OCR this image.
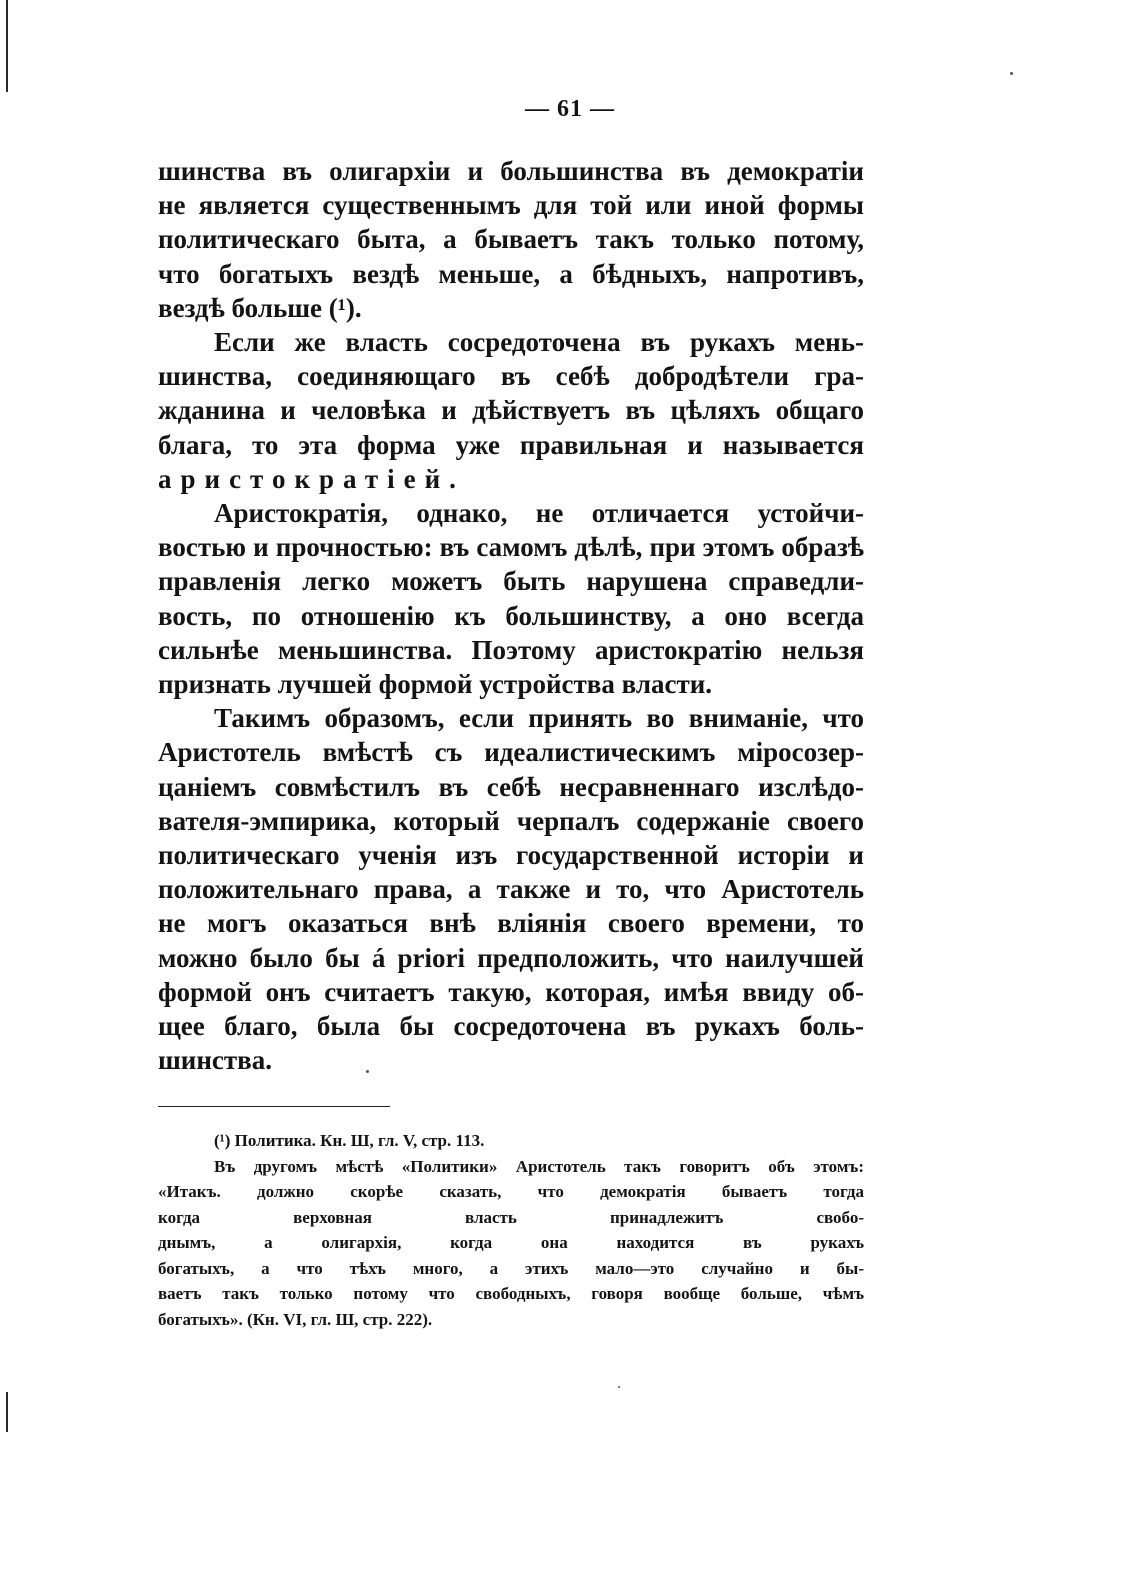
— 61 —
шинства въ олигархіи и большинства въ демократіи
не является существеннымъ для той или иной формы
политическаго быта, а бываетъ такъ только потому,
что богатыхъ вездѣ меньше, а бѣдныхъ, напротивъ,
вездѣ больше (¹).
Если же власть сосредоточена въ рукахъ мень-
шинства, соединяющаго въ себѣ добродѣтели гра-
жданина и человѣка и дѣйствуетъ въ цѣляхъ общаго
блага, то эта форма уже правильная и называется
аристократіей.
Аристократія, однако, не отличается устойчи-
востью и прочностью: въ самомъ дѣлѣ, при этомъ образѣ
правленія легко можетъ быть нарушена справедли-
вость, по отношенію къ большинству, а оно всегда
сильнѣе меньшинства. Поэтому аристократію нельзя
признать лучшей формой устройства власти.
Такимъ образомъ, если принять во вниманіе, что
Аристотель вмѣстѣ съ идеалистическимъ міросозер-
цаніемъ совмѣстилъ въ себѣ несравненнаго изслѣдо-
вателя-эмпирика, который черпалъ содержаніе своего
политическаго ученія изъ государственной исторіи и
положительнаго права, а также и то, что Аристотель
не могъ оказаться внѣ вліянія своего времени, то
можно было бы á priori предположить, что наилучшей
формой онъ считаетъ такую, которая, имѣя ввиду об-
щее благо, была бы сосредоточена въ рукахъ боль-
шинства.
(¹) Политика. Кн. Ш, гл. V, стр. 113.
Въ другомъ мѣстѣ «Политики» Аристотель такъ говоритъ объ этомъ:
«Итакъ. должно скорѣе сказать, что демократія бываетъ тогда
когда верховная власть принадлежитъ свобо-
днымъ, а олигархія, когда она находится въ рукахъ
богатыхъ, а что тѣхъ много, а этихъ мало—это случайно и бы-
ваетъ такъ только потому что свободныхъ, говоря вообще больше, чѣмъ
богатыхъ». (Кн. VI, гл. Ш, стр. 222).
